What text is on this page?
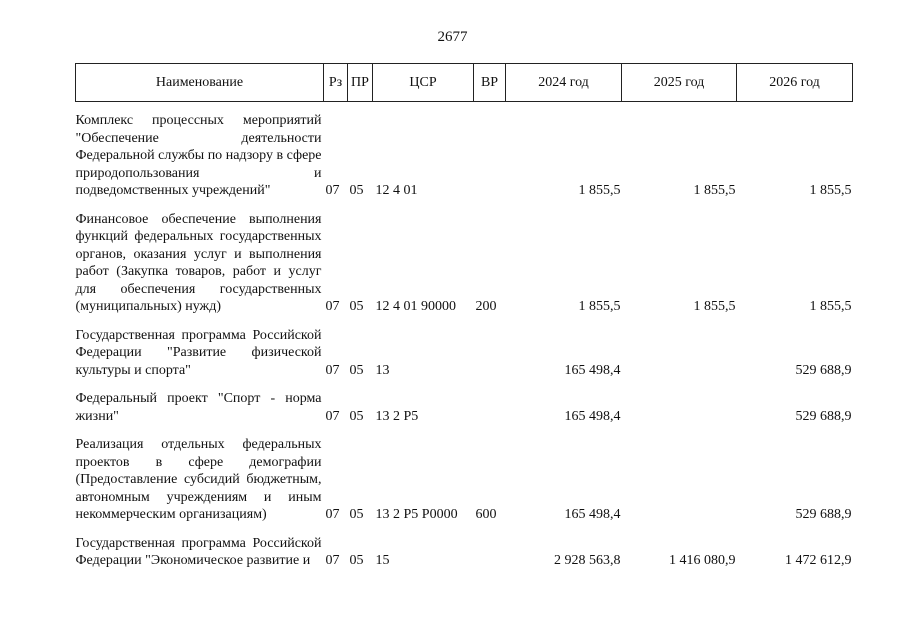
2677
Наименование	Рз	ПР	ЦСР	ВР	2024 год	2025 год	2026 год
Комплекс процессных мероприятий "Обеспечение деятельности Федеральной службы по надзору в сфере природопользования и подведомственных учреждений"	07	05	12 4 01		1 855,5	1 855,5	1 855,5
Финансовое обеспечение выполнения функций федеральных государственных органов, оказания услуг и выполнения работ (Закупка товаров, работ и услуг для обеспечения государственных (муниципальных) нужд)	07	05	12 4 01 90000	200	1 855,5	1 855,5	1 855,5
Государственная программа Российской Федерации "Развитие физической культуры и спорта"	07	05	13		165 498,4		529 688,9
Федеральный проект "Спорт - норма жизни"	07	05	13 2 Р5		165 498,4		529 688,9
Реализация отдельных федеральных проектов в сфере демографии (Предоставление субсидий бюджетным, автономным учреждениям и иным некоммерческим организациям)	07	05	13 2 Р5 Р0000	600	165 498,4		529 688,9
Государственная программа Российской Федерации "Экономическое развитие и	07	05	15		2 928 563,8	1 416 080,9	1 472 612,9
